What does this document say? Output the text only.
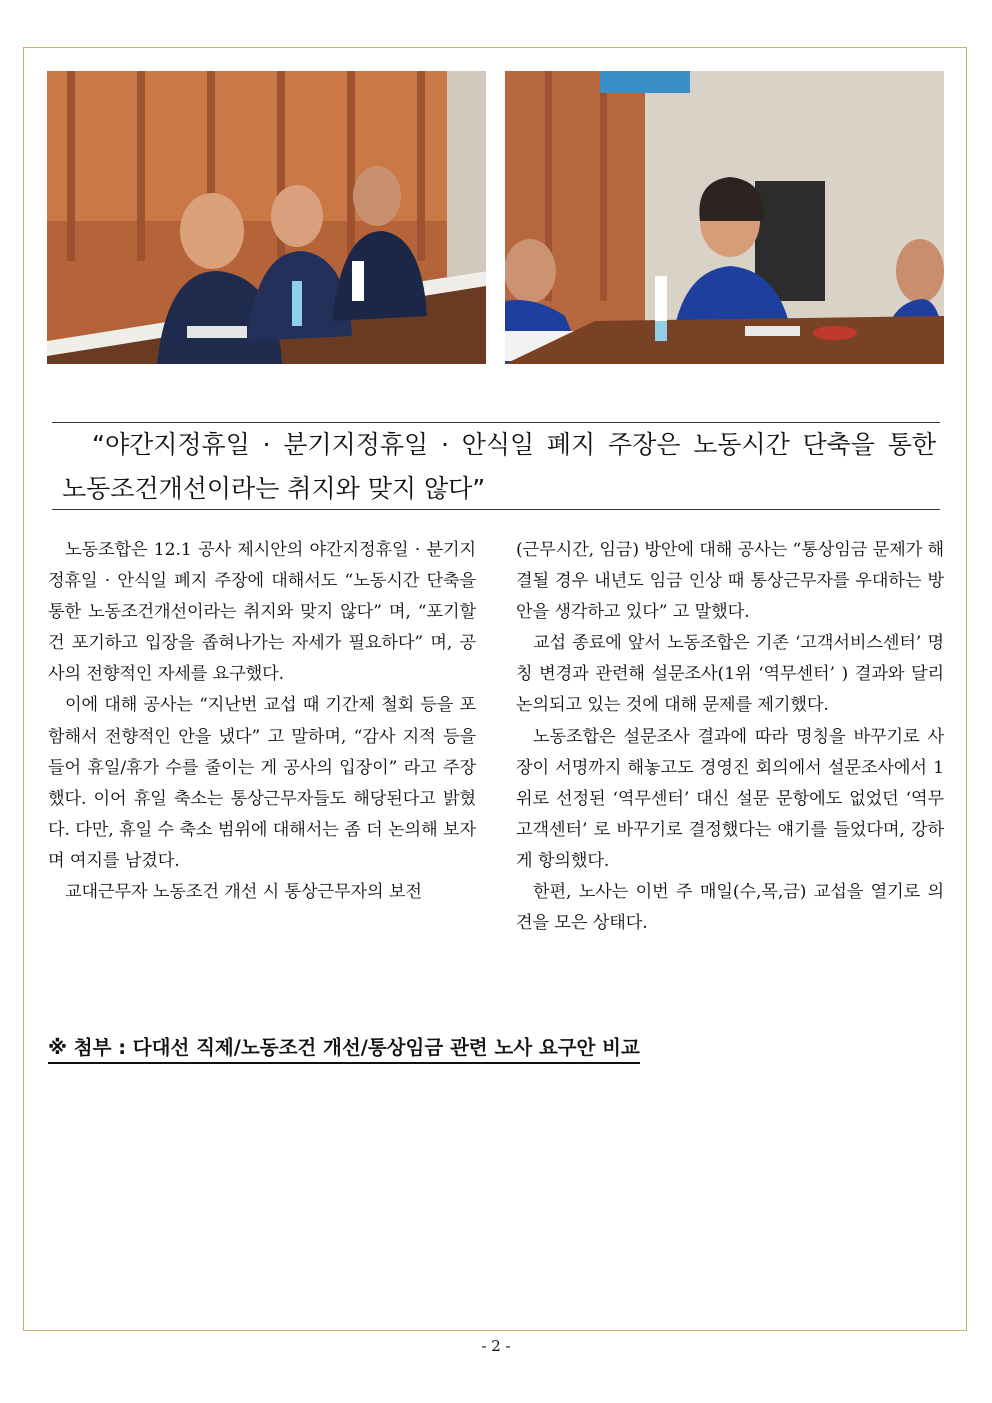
“야간지정휴일 · 분기지정휴일 · 안식일 폐지 주장은 노동시간 단축을 통한
노동조건개선이라는 취지와 맞지 않다”

노동조합은 12.1 공사 제시안의 야간지정휴일 · 분기지정휴일 · 안식일 폐지 주장에 대해서도 “노동시간 단축을 통한 노동조건개선이라는 취지와 맞지 않다” 며, “포기할 건 포기하고 입장을 좁혀나가는 자세가 필요하다” 며, 공사의 전향적인 자세를 요구했다.

이에 대해 공사는 “지난번 교섭 때 기간제 철회 등을 포함해서 전향적인 안을 냈다” 고 말하며, “감사 지적 등을 들어 휴일/휴가 수를 줄이는 게 공사의 입장이” 라고 주장했다. 이어 휴일 축소는 통상근무자들도 해당된다고 밝혔다. 다만, 휴일 수 축소 범위에 대해서는 좀 더 논의해 보자며 여지를 남겼다.

교대근무자 노동조건 개선 시 통상근무자의 보전

(근무시간, 임금) 방안에 대해 공사는 “통상임금 문제가 해결될 경우 내년도 임금 인상 때 통상근무자를 우대하는 방안을 생각하고 있다” 고 말했다.

교섭 종료에 앞서 노동조합은 기존 ‘고객서비스센터’ 명칭 변경과 관련해 설문조사(1위 ‘역무센터’ ) 결과와 달리 논의되고 있는 것에 대해 문제를 제기했다.

노동조합은 설문조사 결과에 따라 명칭을 바꾸기로 사장이 서명까지 해놓고도 경영진 회의에서 설문조사에서 1위로 선정된 ‘역무센터’ 대신 설문 문항에도 없었던 ‘역무고객센터’ 로 바꾸기로 결정했다는 얘기를 들었다며, 강하게 항의했다.

한편, 노사는 이번 주 매일(수,목,금) 교섭을 열기로 의견을 모은 상태다.

※ 첨부 : 다대선 직제/노동조건 개선/통상임금 관련 노사 요구안 비교
- 2 -
